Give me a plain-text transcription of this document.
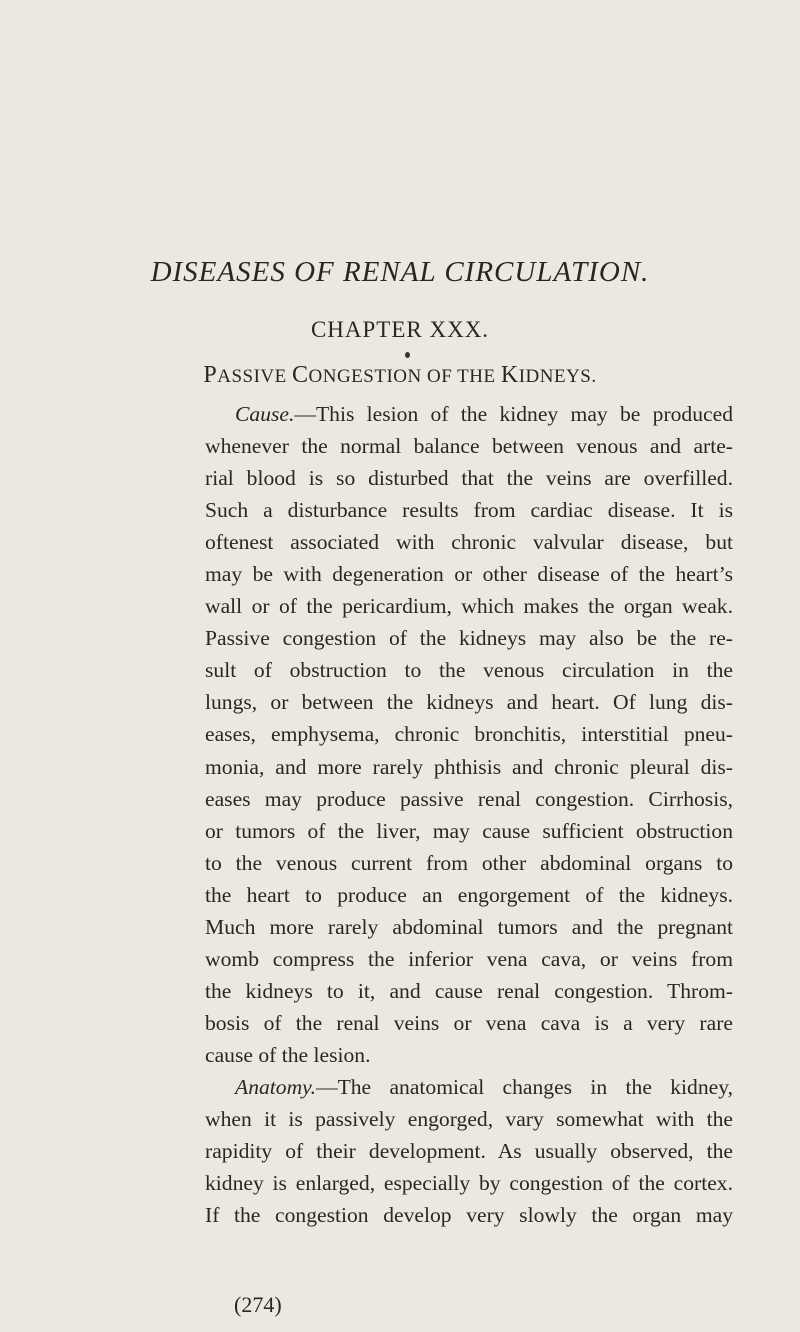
DISEASES OF RENAL CIRCULATION.
CHAPTER XXX.
PASSIVE CONGESTION OF THE KIDNEYS.
Cause.—This lesion of the kidney may be produced
whenever the normal balance between venous and arte-
rial blood is so disturbed that the veins are overfilled.
Such a disturbance results from cardiac disease. It is
oftenest associated with chronic valvular disease, but
may be with degeneration or other disease of the heart’s
wall or of the pericardium, which makes the organ weak.
Passive congestion of the kidneys may also be the re-
sult of obstruction to the venous circulation in the
lungs, or between the kidneys and heart. Of lung dis-
eases, emphysema, chronic bronchitis, interstitial pneu-
monia, and more rarely phthisis and chronic pleural dis-
eases may produce passive renal congestion. Cirrhosis,
or tumors of the liver, may cause sufficient obstruction
to the venous current from other abdominal organs to
the heart to produce an engorgement of the kidneys.
Much more rarely abdominal tumors and the pregnant
womb compress the inferior vena cava, or veins from
the kidneys to it, and cause renal congestion. Throm-
bosis of the renal veins or vena cava is a very rare
cause of the lesion.
Anatomy.—The anatomical changes in the kidney,
when it is passively engorged, vary somewhat with the
rapidity of their development. As usually observed, the
kidney is enlarged, especially by congestion of the cortex.
If the congestion develop very slowly the organ may
(274)
